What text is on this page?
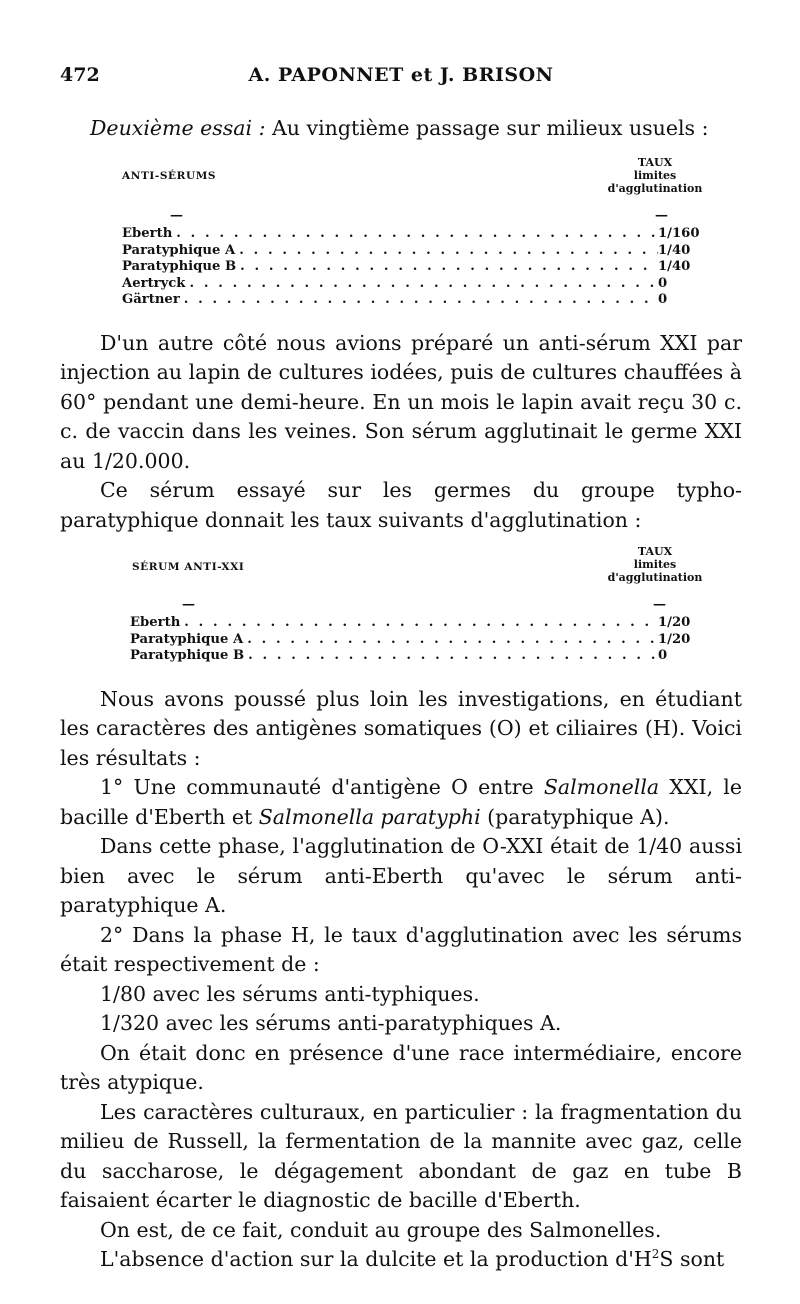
472	A. PAPONNET et J. BRISON
Deuxième essai : Au vingtième passage sur milieux usuels :
ANTI-SÉRUMS
TAUX
limites
d'agglutination
—	—
Eberth . . .	1/160
Paratyphique A . . .	1/40
Paratyphique B . . .	1/40
Aertryck . . .	0
Gärtner . . .	0

D'un autre côté nous avions préparé un anti-sérum XXI par injection au lapin de cultures iodées, puis de cultures chauffées à 60° pendant une demi-heure. En un mois le lapin avait reçu 30 c. c. de vaccin dans les veines. Son sérum agglutinait le germe XXI au 1/20.000.

Ce sérum essayé sur les germes du groupe typho-paratyphique donnait les taux suivants d'agglutination :

SÉRUM ANTI-XXI
TAUX
limites
d'agglutination
—	—
Eberth . . .	1/20
Paratyphique A . . .	1/20
Paratyphique B . . .	0

Nous avons poussé plus loin les investigations, en étudiant les caractères des antigènes somatiques (O) et ciliaires (H). Voici les résultats :

1° Une communauté d'antigène O entre Salmonella XXI, le bacille d'Eberth et Salmonella paratyphi (paratyphique A).

Dans cette phase, l'agglutination de O-XXI était de 1/40 aussi bien avec le sérum anti-Eberth qu'avec le sérum anti-paratyphique A.

2° Dans la phase H, le taux d'agglutination avec les sérums était respectivement de :

1/80 avec les sérums anti-typhiques.

1/320 avec les sérums anti-paratyphiques A.

On était donc en présence d'une race intermédiaire, encore très atypique.

Les caractères culturaux, en particulier : la fragmentation du milieu de Russell, la fermentation de la mannite avec gaz, celle du saccharose, le dégagement abondant de gaz en tube B faisaient écarter le diagnostic de bacille d'Eberth.

On est, de ce fait, conduit au groupe des Salmonelles.

L'absence d'action sur la dulcite et la production $d'H^2S$ sont
